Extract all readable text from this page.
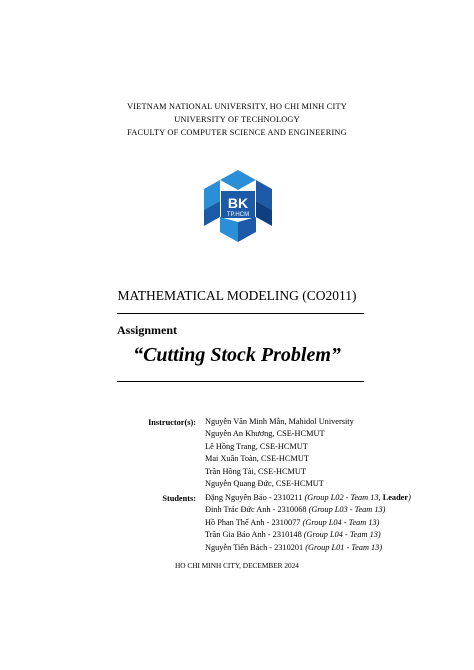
VIETNAM NATIONAL UNIVERSITY, HO CHI MINH CITY
UNIVERSITY OF TECHNOLOGY
FACULTY OF COMPUTER SCIENCE AND ENGINEERING
BK
TP.HCM
MATHEMATICAL MODELING (CO2011)
Assignment
“Cutting Stock Problem”
Instructor(s): Nguyễn Văn Minh Mẫn, Mahidol University
Nguyễn An Khương, CSE-HCMUT
Lê Hồng Trang, CSE-HCMUT
Mai Xuân Toàn, CSE-HCMUT
Trần Hồng Tài, CSE-HCMUT
Nguyễn Quang Đức, CSE-HCMUT
Students: Đặng Nguyên Bảo - 2310211 (Group L02 - Team 13, Leader)
Đinh Trác Đức Anh - 2310068 (Group L03 - Team 13)
Hồ Phan Thế Anh - 2310077 (Group L04 - Team 13)
Trần Gia Bảo Anh - 2310148 (Group L04 - Team 13)
Nguyễn Tiến Bách - 2310201 (Group L01 - Team 13)
HO CHI MINH CITY, DECEMBER 2024
